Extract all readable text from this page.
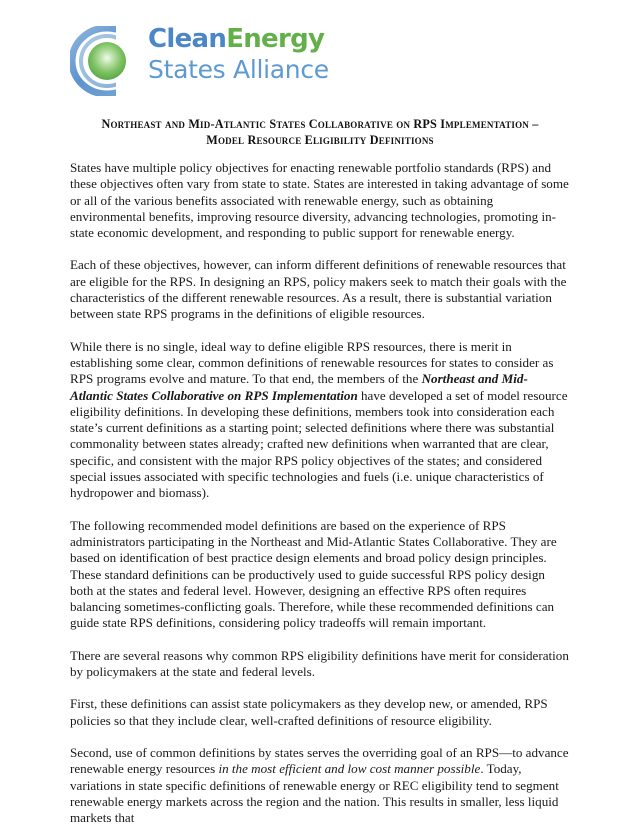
CleanEnergy
States Alliance
Northeast and Mid-Atlantic States Collaborative on RPS Implementation –
Model Resource Eligibility Definitions

States have multiple policy objectives for enacting renewable portfolio standards (RPS) and these objectives often vary from state to state. States are interested in taking advantage of some or all of the various benefits associated with renewable energy, such as obtaining environmental benefits, improving resource diversity, advancing technologies, promoting in-state economic development, and responding to public support for renewable energy.

Each of these objectives, however, can inform different definitions of renewable resources that are eligible for the RPS. In designing an RPS, policy makers seek to match their goals with the characteristics of the different renewable resources. As a result, there is substantial variation between state RPS programs in the definitions of eligible resources.

While there is no single, ideal way to define eligible RPS resources, there is merit in establishing some clear, common definitions of renewable resources for states to consider as RPS programs evolve and mature. To that end, the members of the Northeast and Mid-Atlantic States Collaborative on RPS Implementation have developed a set of model resource eligibility definitions. In developing these definitions, members took into consideration each state’s current definitions as a starting point; selected definitions where there was substantial commonality between states already; crafted new definitions when warranted that are clear, specific, and consistent with the major RPS policy objectives of the states; and considered special issues associated with specific technologies and fuels (i.e. unique characteristics of hydropower and biomass).

The following recommended model definitions are based on the experience of RPS administrators participating in the Northeast and Mid-Atlantic States Collaborative. They are based on identification of best practice design elements and broad policy design principles. These standard definitions can be productively used to guide successful RPS policy design both at the states and federal level. However, designing an effective RPS often requires balancing sometimes-conflicting goals. Therefore, while these recommended definitions can guide state RPS definitions, considering policy tradeoffs will remain important.

There are several reasons why common RPS eligibility definitions have merit for consideration by policymakers at the state and federal levels.

First, these definitions can assist state policymakers as they develop new, or amended, RPS policies so that they include clear, well-crafted definitions of resource eligibility.

Second, use of common definitions by states serves the overriding goal of an RPS—to advance renewable energy resources in the most efficient and low cost manner possible. Today, variations in state specific definitions of renewable energy or REC eligibility tend to segment renewable energy markets across the region and the nation. This results in smaller, less liquid markets that
